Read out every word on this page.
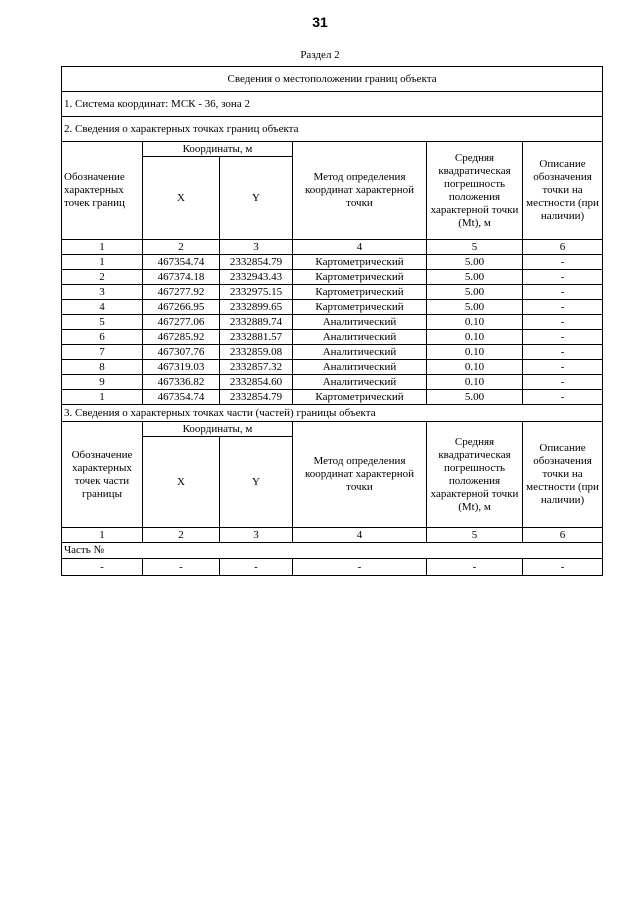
31
Раздел 2
Сведения о местоположении границ объекта					
1. Система координат: МСК - 36, зона 2					
2. Сведения о характерных точках границ объекта					
Обозначение характерных точек границ	Координаты, м		Метод определения координат характерной точки	Средняя квадратическая погрешность положения характерной точки (Mt), м	Описание обозначения точки на местности (при наличии)
	X	Y			
1	2	3	4	5	6
1	467354.74	2332854.79	Картометрический	5.00	-
2	467374.18	2332943.43	Картометрический	5.00	-
3	467277.92	2332975.15	Картометрический	5.00	-
4	467266.95	2332899.65	Картометрический	5.00	-
5	467277.06	2332889.74	Аналитический	0.10	-
6	467285.92	2332881.57	Аналитический	0.10	-
7	467307.76	2332859.08	Аналитический	0.10	-
8	467319.03	2332857.32	Аналитический	0.10	-
9	467336.82	2332854.60	Аналитический	0.10	-
1	467354.74	2332854.79	Картометрический	5.00	-
3. Сведения о характерных точках части (частей) границы объекта					
Обозначение характерных точек части границы	Координаты, м		Метод определения координат характерной точки	Средняя квадратическая погрешность положения характерной точки (Mt), м	Описание обозначения точки на местности (при наличии)
	X	Y			
1	2	3	4	5	6
Часть №					
-	-	-	-	-	-
